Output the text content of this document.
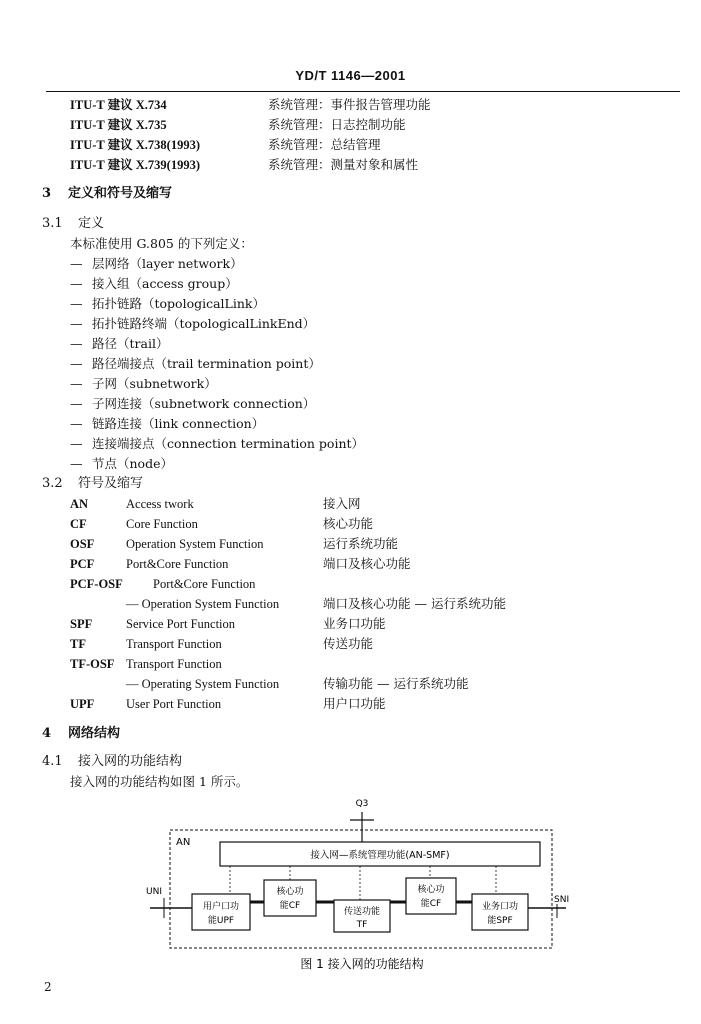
YD/T 1146—2001
ITU-T 建议 X.734	系统管理：事件报告管理功能
ITU-T 建议 X.735	系统管理：日志控制功能
ITU-T 建议 X.738(1993)	系统管理：总结管理
ITU-T 建议 X.739(1993)	系统管理：测量对象和属性
3 定义和符号及缩写
3.1 定义
本标准使用 G.805 的下列定义：
— 层网络（layer network）
— 接入组（access group）
— 拓扑链路（topologicalLink）
— 拓扑链路终端（topologicalLinkEnd）
— 路径（trail）
— 路径端接点（trail termination point）
— 子网（subnetwork）
— 子网连接（subnetwork connection）
— 链路连接（link connection）
— 连接端接点（connection termination point）
— 节点（node）
3.2 符号及缩写
AN	Access twork	接入网
CF	Core Function	核心功能
OSF	Operation System Function	运行系统功能
PCF	Port&Core Function	端口及核心功能
PCF-OSF Port&Core Function
— Operation System Function	端口及核心功能 — 运行系统功能
SPF	Service Port Function	业务口功能
TF	Transport Function	传送功能
TF-OSF Transport Function
— Operating System Function	传输功能 — 运行系统功能
UPF	User Port Function	用户口功能
4 网络结构
4.1 接入网的功能结构
接入网的功能结构如图 1 所示。
Q3
AN
接入网—系统管理功能(AN-SMF)
UNI
SNI
用户口功
能UPF
核心功
能CF
传送功能
TF
核心功
能CF	业务口功
能SPF
图 1 接入网的功能结构
2
